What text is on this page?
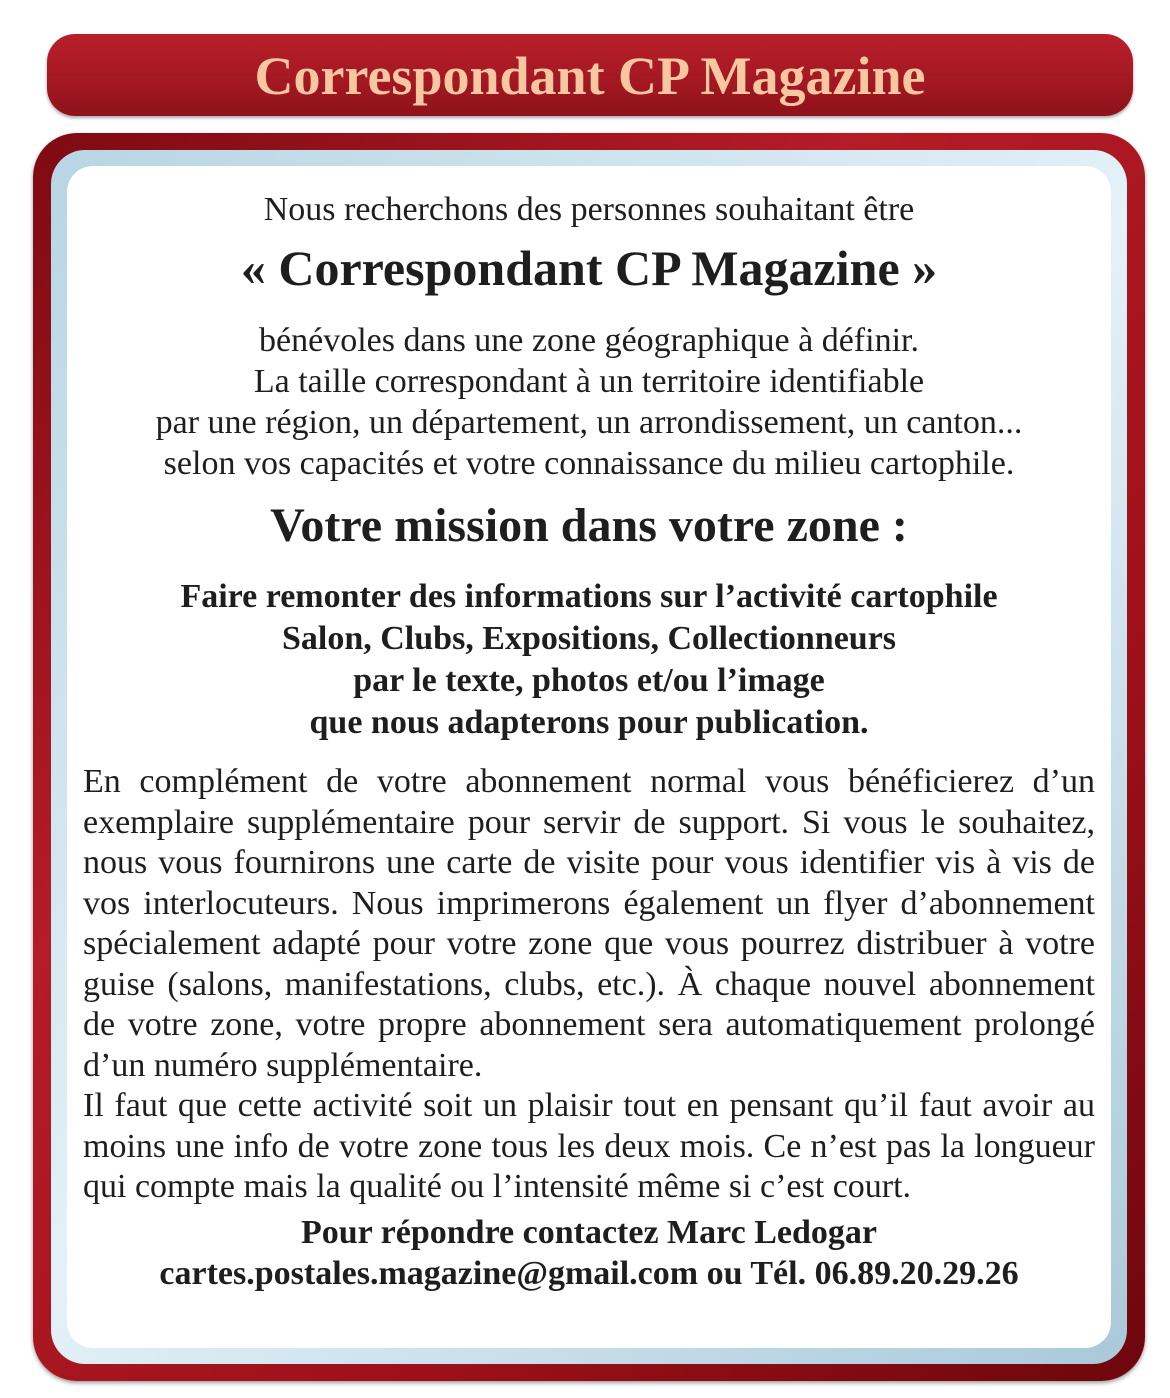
Correspondant CP Magazine

Nous recherchons des personnes souhaitant être

« Correspondant CP Magazine »

bénévoles dans une zone géographique à définir.
La taille correspondant à un territoire identifiable
par une région, un département, un arrondissement, un canton...
selon vos capacités et votre connaissance du milieu cartophile.

Votre mission dans votre zone :

Faire remonter des informations sur l’activité cartophile
Salon, Clubs, Expositions, Collectionneurs
par le texte, photos et/ou l’image
que nous adapterons pour publication.

En complément de votre abonnement normal vous bénéficierez d’un exemplaire supplémentaire pour servir de support. Si vous le souhaitez, nous vous fournirons une carte de visite pour vous identifier vis à vis de vos interlocuteurs. Nous imprimerons également un flyer d’abonnement spécialement adapté pour votre zone que vous pourrez distribuer à votre guise (salons, manifestations, clubs, etc.). À chaque nouvel abonnement de votre zone, votre propre abonnement sera automatiquement prolongé d’un numéro supplémentaire.
Il faut que cette activité soit un plaisir tout en pensant qu’il faut avoir au moins une info de votre zone tous les deux mois. Ce n’est pas la longueur qui compte mais la qualité ou l’intensité même si c’est court.

Pour répondre contactez Marc Ledogar
cartes.postales.magazine@gmail.com ou Tél. 06.89.20.29.26
